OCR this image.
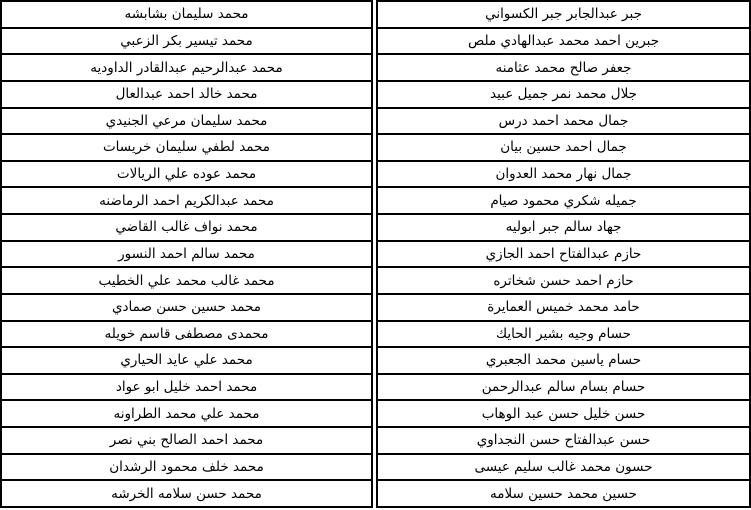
محمد سليمان بشابشه
محمد تيسير بكر الزعبي
محمد عبدالرحيم عبدالقادر الداوديه
محمد خالد احمد عبدالعال
محمد سليمان مرعي الجنيدي
محمد لطفي سليمان خريسات
محمد عوده علي الريالات
محمد عبدالكريم احمد الرماضنه
محمد نواف غالب القاضي
محمد سالم احمد النسور
محمد غالب محمد علي الخطيب
محمد حسين حسن صمادي
محمدى مصطفى قاسم خويله
محمد علي عايد الحياري
محمد احمد خليل ابو عواد
محمد علي محمد الطراونه
محمد احمد الصالح بني نصر
محمد خلف محمود الرشدان
محمد حسن سلامه الخرشه
جبر عبدالجابر جبر الكسواني
جبرين احمد محمد عبدالهادي ملص
جعفر صالح محمد عثامنه
جلال محمد نمر جميل عبيد
جمال محمد احمد درس
جمال احمد حسين بيان
جمال نهار محمد العدوان
جميله شكري محمود صيام
جهاد سالم جبر ابوليه
حازم عبدالفتاح احمد الجازي
حازم احمد حسن شخاتره
حامد محمد خميس العمايرة
حسام وجيه بشير الحايك
حسام ياسين محمد الجعبري
حسام بسام سالم عبدالرحمن
حسن خليل حسن عبد الوهاب
حسن عبدالفتاح حسن النجداوي
حسون محمد غالب سليم عيسى
حسين محمد حسين سلامه
